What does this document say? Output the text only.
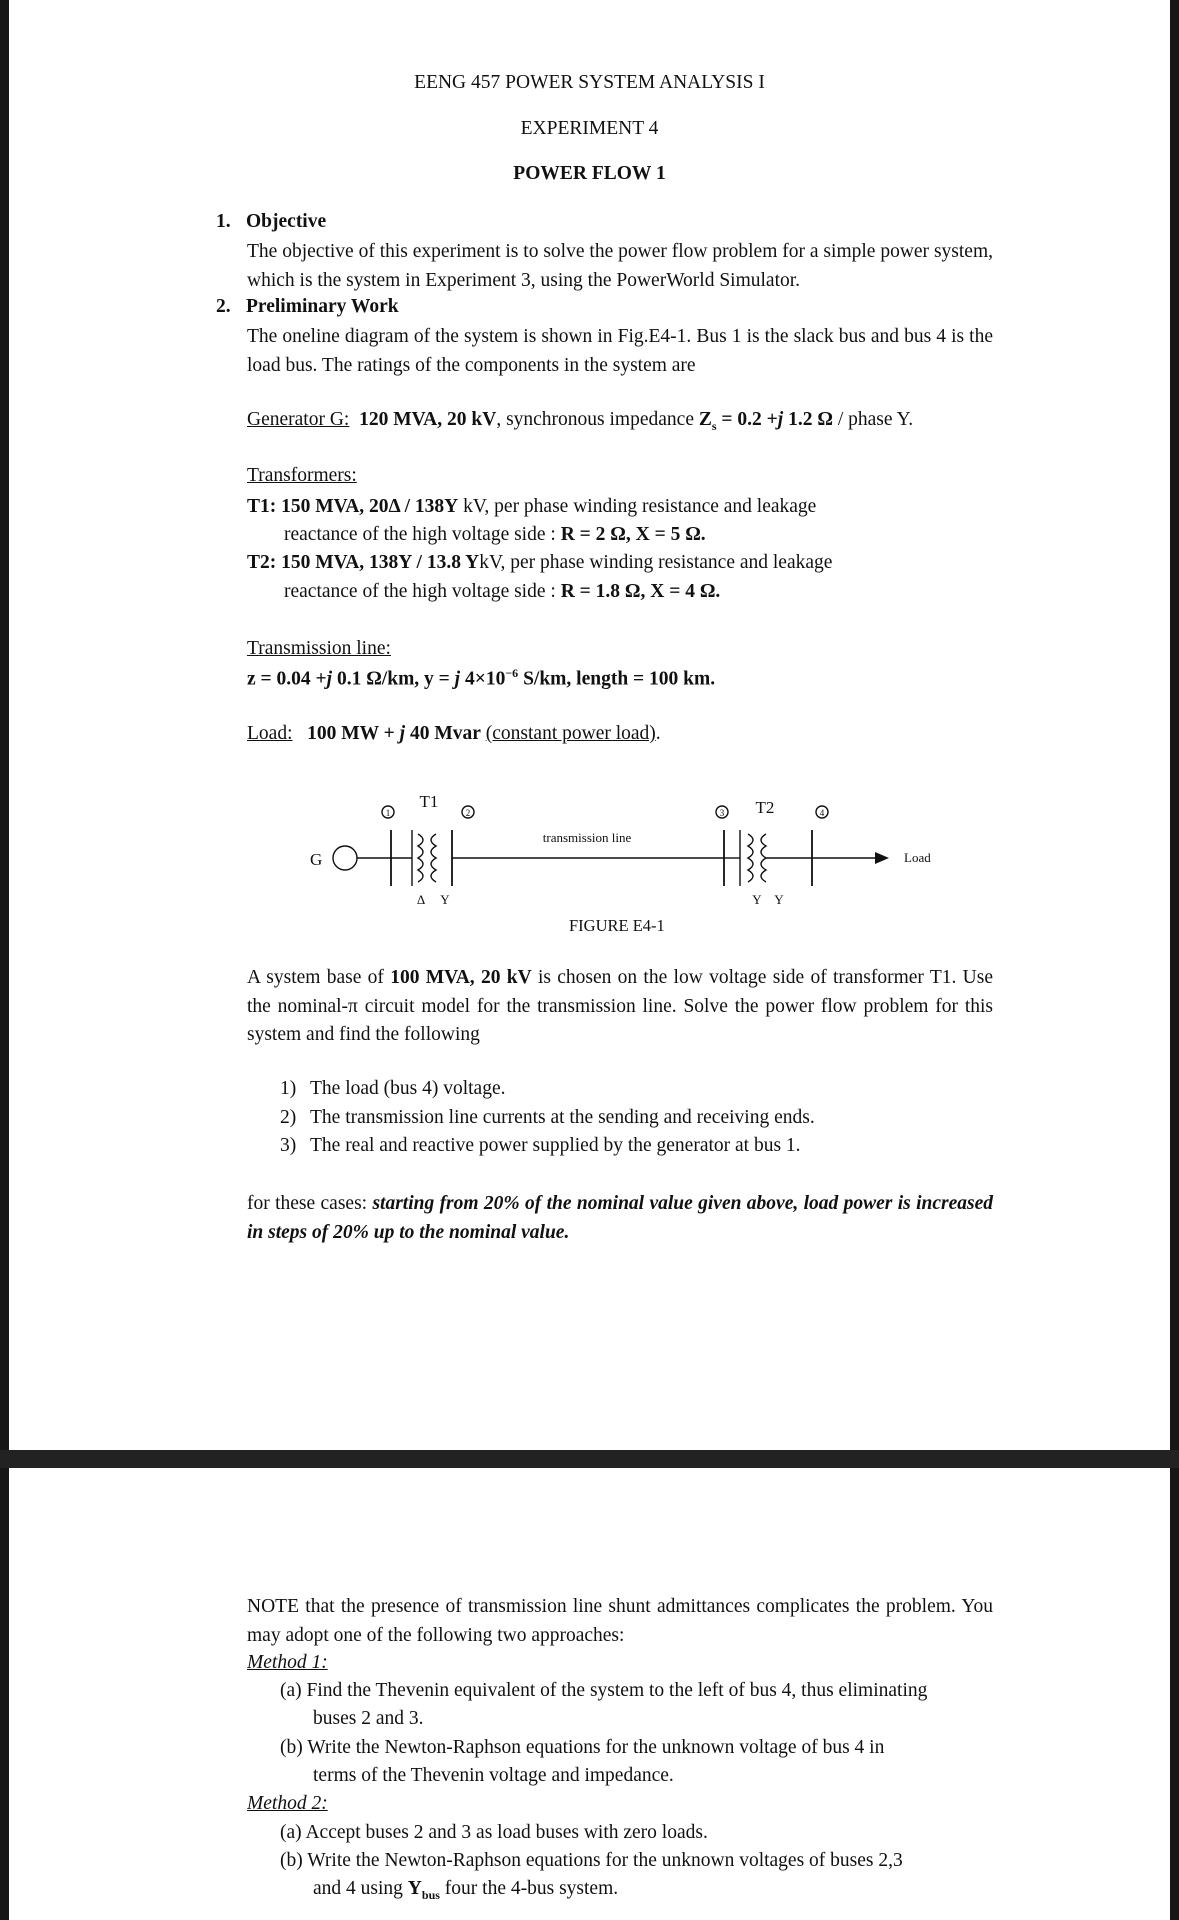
EENG 457 POWER SYSTEM ANALYSIS I
EXPERIMENT 4
POWER FLOW 1
1. Objective
The objective of this experiment is to solve the power flow problem for a simple power system, which is the system in Experiment 3, using the PowerWorld Simulator.
2. Preliminary Work
The oneline diagram of the system is shown in Fig.E4-1. Bus 1 is the slack bus and bus 4 is the load bus. The ratings of the components in the system are
Generator G: 120 MVA, 20 kV, synchronous impedance $Z_s = 0.2 +j$ 1.2 Ω / phase Y.
Transformers:
T1: 150 MVA, 20Δ / 138Y kV, per phase winding resistance and leakage
reactance of the high voltage side : R = 2 Ω, X = 5 Ω.
T2: 150 MVA, 138Y / 13.8 YkV, per phase winding resistance and leakage
reactance of the high voltage side : R = 1.8 Ω, X = 4 Ω.
Transmission line:
z = 0.04 +j 0.1 Ω/km, y = j $4\times 10^{-6}$ S/km, length = 100 km.
Load: 100 MW + j 40 Mvar (constant power load).
G
T1	T2
1	2	3	4
transmission line
Load
Δ Y	Y Y
FIGURE E4-1
A system base of 100 MVA, 20 kV is chosen on the low voltage side of transformer T1. Use the nominal-π circuit model for the transmission line. Solve the power flow problem for this system and find the following
1) The load (bus 4) voltage.
2) The transmission line currents at the sending and receiving ends.
3) The real and reactive power supplied by the generator at bus 1.
for these cases: starting from 20% of the nominal value given above, load power is increased in steps of 20% up to the nominal value.
NOTE that the presence of transmission line shunt admittances complicates the problem. You may adopt one of the following two approaches:
Method 1:
(a) Find the Thevenin equivalent of the system to the left of bus 4, thus eliminating
buses 2 and 3.
(b) Write the Newton-Raphson equations for the unknown voltage of bus 4 in
terms of the Thevenin voltage and impedance.
Method 2:
(a) Accept buses 2 and 3 as load buses with zero loads.
(b) Write the Newton-Raphson equations for the unknown voltages of buses 2,3
and 4 using $Y_{bus}$ four the 4-bus system.
